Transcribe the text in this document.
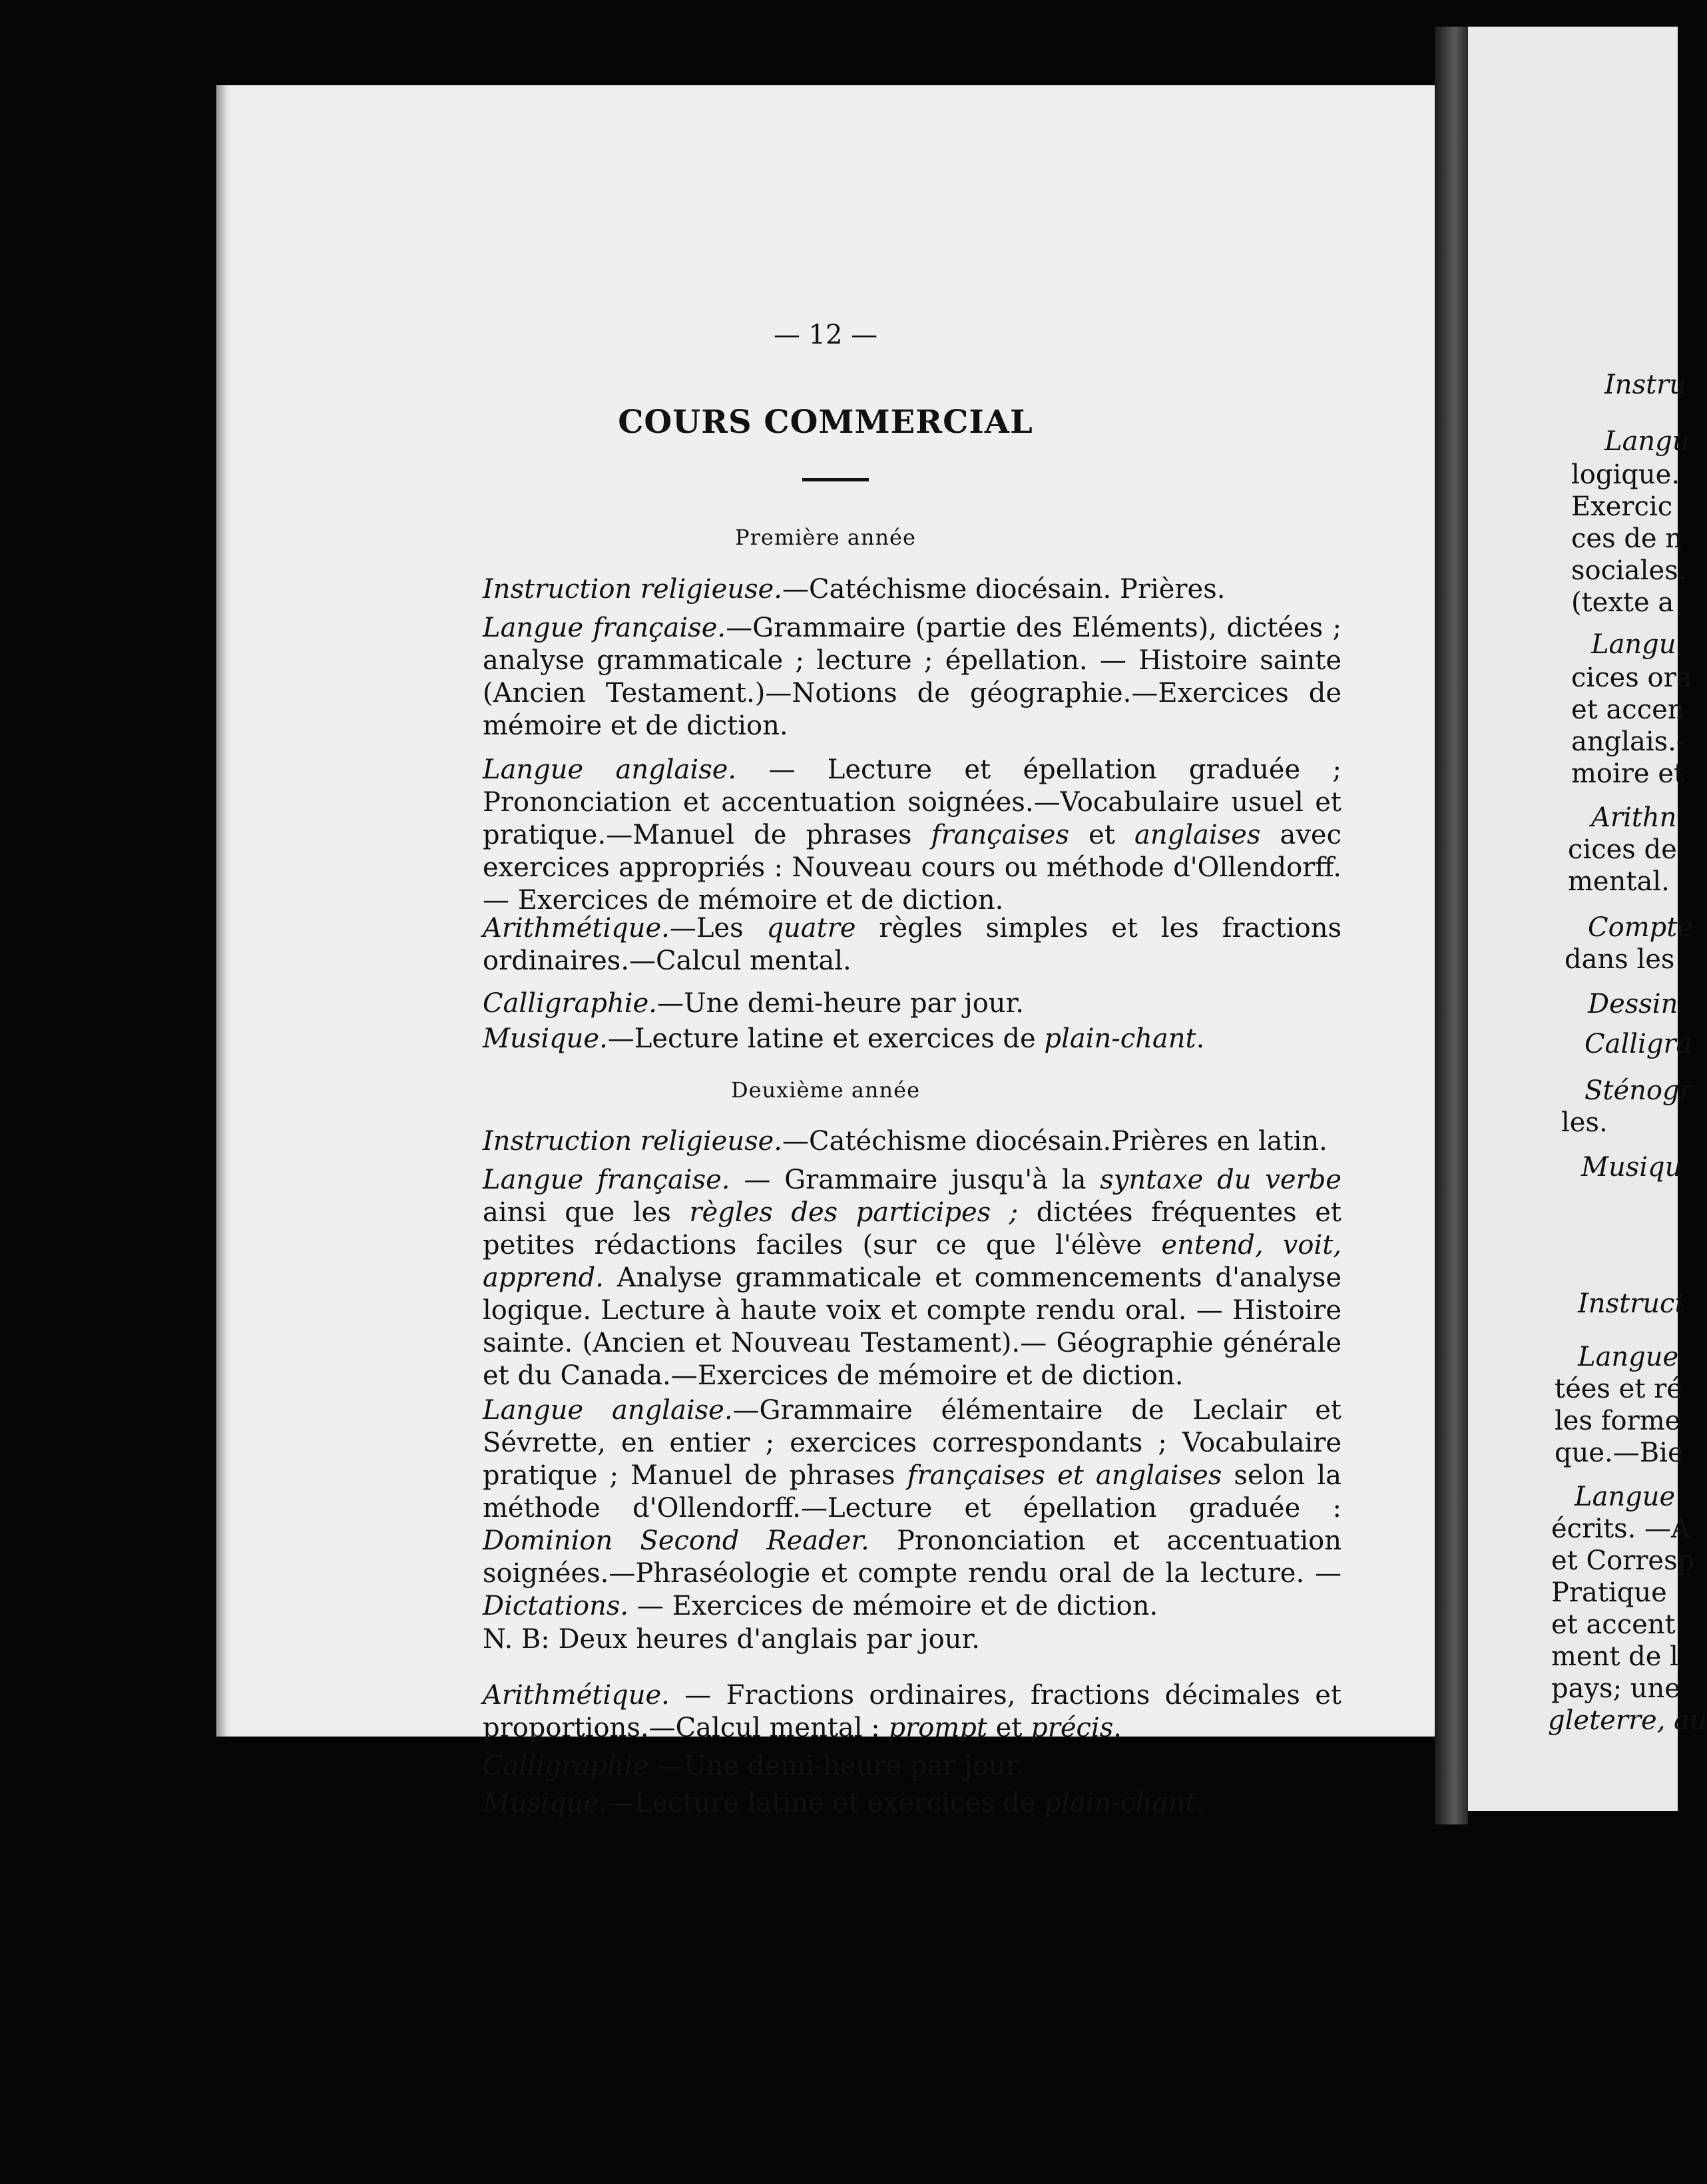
— 12 —
COURS COMMERCIAL
Première année
Instruction religieuse.—Catéchisme diocésain. Prières.
Langue française.—Grammaire (partie des Eléments), dictées ; analyse grammaticale ; lecture ; épellation. — Histoire sainte (Ancien Testament.)—Notions de géographie.—Exercices de mémoire et de diction.
Langue anglaise. — Lecture et épellation graduée ; Prononciation et accentuation soignées.—Vocabulaire usuel et pratique.—Manuel de phrases françaises et anglaises avec exercices appropriés : Nouveau cours ou méthode d'Ollendorff. — Exercices de mémoire et de diction.
Arithmétique.—Les quatre règles simples et les fractions ordinaires.—Calcul mental.
Calligraphie.—Une demi-heure par jour.
Musique.—Lecture latine et exercices de plain-chant.
Deuxième année
Instruction religieuse.—Catéchisme diocésain.Prières en latin.
Langue française. — Grammaire jusqu'à la syntaxe du verbe ainsi que les règles des participes ; dictées fréquentes et petites rédactions faciles (sur ce que l'élève entend, voit, apprend. Analyse grammaticale et commencements d'analyse logique. Lecture à haute voix et compte rendu oral. — Histoire sainte. (Ancien et Nouveau Testament).— Géographie générale et du Canada.—Exercices de mémoire et de diction.
Langue anglaise.—Grammaire élémentaire de Leclair et Sévrette, en entier ; exercices correspondants ; Vocabulaire pratique ; Manuel de phrases françaises et anglaises selon la méthode d'Ollendorff.—Lecture et épellation graduée : Dominion Second Reader. Prononciation et accentuation soignées.—Phraséologie et compte rendu oral de la lecture. — Dictations. — Exercices de mémoire et de diction.
N. B: Deux heures d'anglais par jour.
Arithmétique. — Fractions ordinaires, fractions décimales et proportions.—Calcul mental : prompt et précis.
Calligraphie —Une demi-heure par jour.
Musique.—Lecture latine et exercices de plain-chant.
Instru
Langu
logique.
Exercic
ces de n
sociales.
(texte a
Langu
cices ora
et accen
anglais.-
moire et
Arithn
cices de
mental.
Compte
dans les
Dessin
Calligra
Sténogr
les.
Musiqu
Instruct
Langue
tées et ré
les forme
que.—Bie
Langue
écrits. —A
et Corresp
Pratique
et accent
ment de l
pays; une
gleterre, au
